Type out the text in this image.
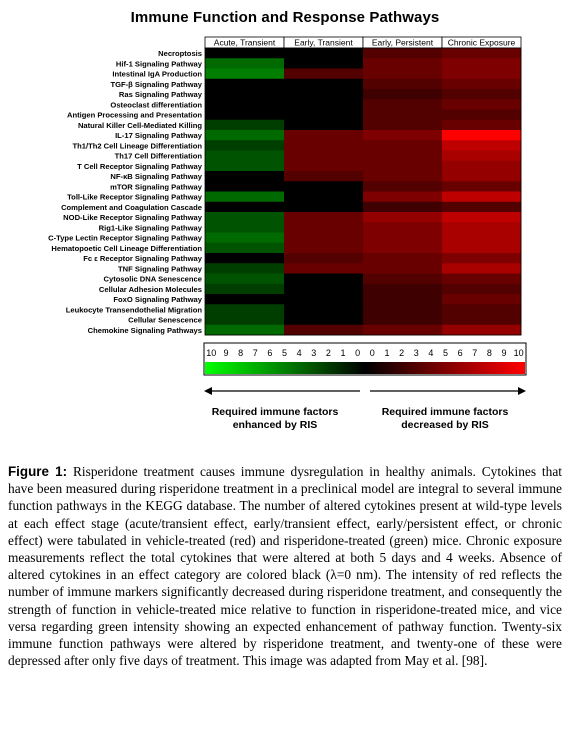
Immune Function and Response Pathways
Acute, Transient Early, Transient Early, Persistent Chronic Exposure
Necroptosis
Hif-1 Signaling Pathway
Intestinal IgA Production
TGF-β Signaling Pathway
Ras Signaling Pathway
Osteoclast differentiation
Antigen Processing and Presentation
Natural Killer Cell-Mediated Killing
IL-17 Signaling Pathway
Th1/Th2 Cell Lineage Differentiation
Th17 Cell Differentiation
T Cell Receptor Signaling Pathway
NF-κB Signaling Pathway
mTOR Signaling Pathway
Toll-Like Receptor Signaling Pathway
Complement and Coagulation Cascade
NOD-Like Receptor Signaling Pathway
Rig1-Like Signaling Pathway
C-Type Lectin Receptor Signaling Pathway
Hematopoetic Cell Lineage Differentiation
Fc ε Receptor Signaling Pathway
TNF Signaling Pathway
Cytosolic DNA Senescence
Cellular Adhesion Molecules
FoxO Signaling Pathway
Leukocyte Transendothelial Migration
Cellular Senescence
Chemokine Signaling Pathways
10 9 8 7 6 5 4 3 2 1 0 0 1 2 3 4 5 6 7 8 9 10
Required immune factors enhanced by RIS
Required immune factors decreased by RIS
Figure 1: Risperidone treatment causes immune dysregulation in healthy animals. Cytokines that have been measured during risperidone treatment in a preclinical model are integral to several immune function pathways in the KEGG database. The number of altered cytokines present at wild-type levels at each effect stage (acute/transient effect, early/transient effect, early/persistent effect, or chronic effect) were tabulated in vehicle-treated (red) and risperidone-treated (green) mice. Chronic exposure measurements reflect the total cytokines that were altered at both 5 days and 4 weeks. Absence of altered cytokines in an effect category are colored black (λ=0 nm). The intensity of red reflects the number of immune markers significantly decreased during risperidone treatment, and consequently the strength of function in vehicle-treated mice relative to function in risperidone-treated mice, and vice versa regarding green intensity showing an expected enhancement of pathway function. Twenty-six immune function pathways were altered by risperidone treatment, and twenty-one of these were depressed after only five days of treatment. This image was adapted from May et al. [98].
